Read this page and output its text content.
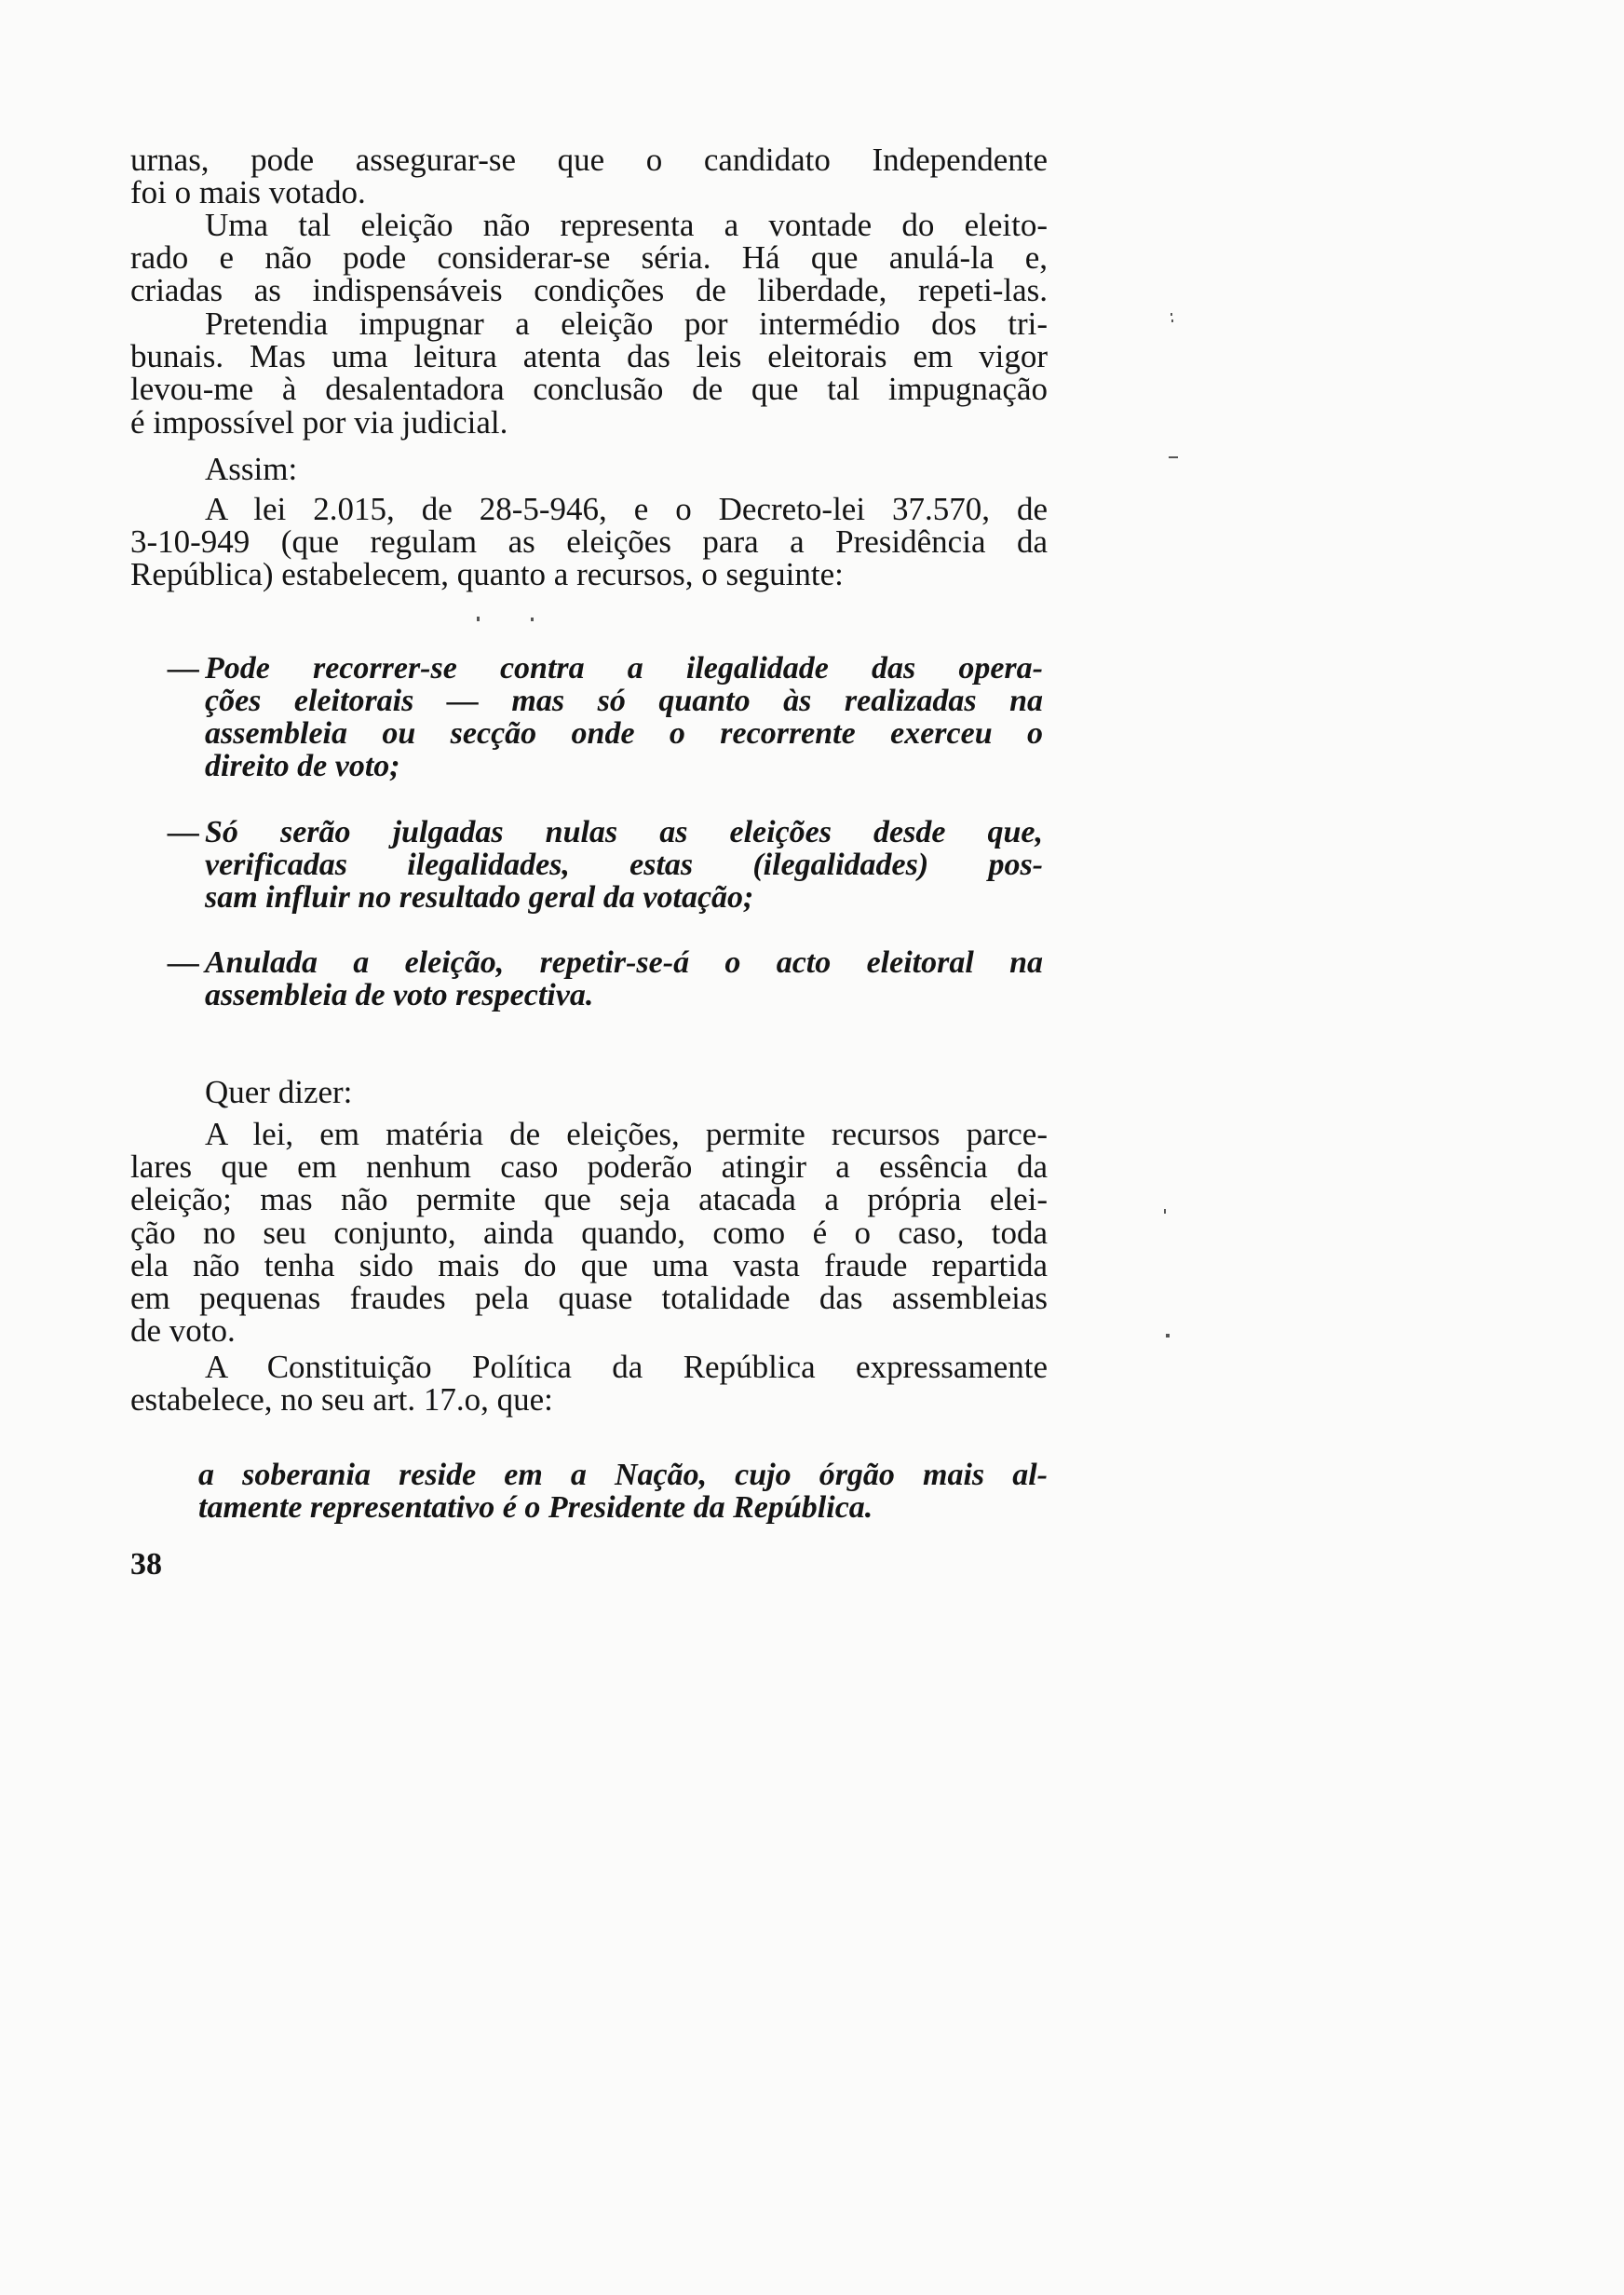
urnas, pode assegurar-se que o candidato Independente
foi o mais votado.

Uma tal eleição não representa a vontade do eleito-
rado e não pode considerar-se séria. Há que anulá-la e,
criadas as indispensáveis condições de liberdade, repeti-las.

Pretendia impugnar a eleição por intermédio dos tri-
bunais. Mas uma leitura atenta das leis eleitorais em vigor
levou-me à desalentadora conclusão de que tal impugnação
é impossível por via judicial.

Assim:

A lei 2.015, de 28-5-946, e o Decreto-lei 37.570, de
3-10-949 (que regulam as eleições para a Presidência da
República) estabelecem, quanto a recursos, o seguinte:

— Pode recorrer-se contra a ilegalidade das opera-
ções eleitorais — mas só quanto às realizadas na
assembleia ou secção onde o recorrente exerceu o
direito de voto;

— Só serão julgadas nulas as eleições desde que,
verificadas ilegalidades, estas (ilegalidades) pos-
sam influir no resultado geral da votação;

— Anulada a eleição, repetir-se-á o acto eleitoral na
assembleia de voto respectiva.

Quer dizer:

A lei, em matéria de eleições, permite recursos parce-
lares que em nenhum caso poderão atingir a essência da
eleição; mas não permite que seja atacada a própria elei-
ção no seu conjunto, ainda quando, como é o caso, toda
ela não tenha sido mais do que uma vasta fraude repartida
em pequenas fraudes pela quase totalidade das assembleias
de voto.

A Constituição Política da República expressamente
estabelece, no seu art. 17.o, que:

a soberania reside em a Nação, cujo órgão mais al-
tamente representativo é o Presidente da República.

38
